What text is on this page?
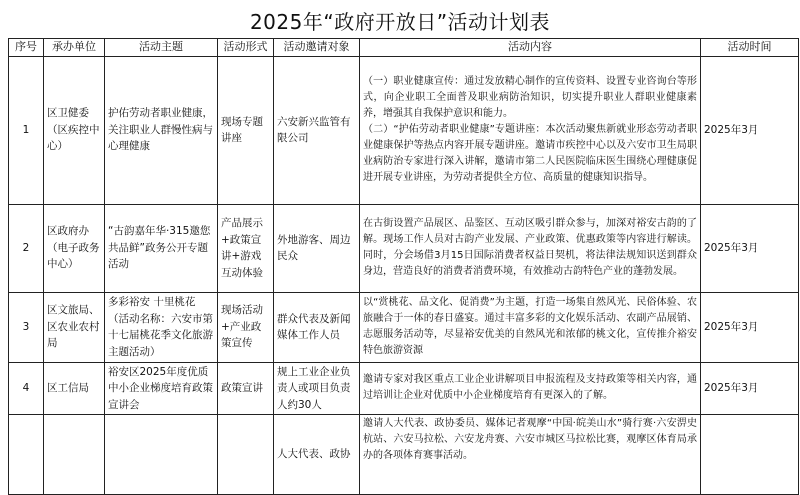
2025年“政府开放日”活动计划表
序号	承办单位	活动主题	活动形式	活动邀请对象	活动内容	活动时间
1	区卫健委（区疾控中心）	护佑劳动者职业健康，关注职业人群慢性病与心理健康	现场专题讲座	六安新兴监管有限公司	（一）职业健康宣传：通过发放精心制作的宣传资料、设置专业咨询台等形式，向企业职工全面普及职业病防治知识，切实提升职业人群职业健康素养，增强其自我保护意识和能力。
（二）“护佑劳动者职业健康”专题讲座：本次活动聚焦新就业形态劳动者职业健康保护等热点内容开展专题讲座。邀请市疾控中心以及六安市卫生局职业病防治专家进行深入讲解，邀请市第二人民医院临床医生围绕心理健康促进开展专业讲座，为劳动者提供全方位、高质量的健康知识指导。	2025年3月
2	区政府办（电子政务中心）	“古韵嘉年华·315邀您共品鲜”政务公开专题活动	产品展示+政策宣讲+游戏互动体验	外地游客、周边民众	在古街设置产品展区、品鉴区、互动区吸引群众参与，加深对裕安古韵的了解。现场工作人员对古韵产业发展、产业政策、优惠政策等内容进行解读。同时，分会场借3月15日国际消费者权益日契机，将法律法规知识送到群众身边，营造良好的消费者消费环境，有效推动古韵特色产业的蓬勃发展。	2025年3月
3	区文旅局、区农业农村局	多彩裕安 十里桃花（活动名称：六安市第十七届桃花季文化旅游主题活动）	现场活动+产业政策宣传	群众代表及新闻媒体工作人员	以“赏桃花、品文化、促消费”为主题，打造一场集自然风光、民俗体验、农旅融合于一体的春日盛宴。通过丰富多彩的文化娱乐活动、农副产品展销、志愿服务活动等，尽显裕安优美的自然风光和浓郁的桃文化，宣传推介裕安特色旅游资源	2025年3月
4	区工信局	裕安区2025年度优质中小企业梯度培育政策宣讲会	政策宣讲	规上工业企业负责人或项目负责人约30人	邀请专家对我区重点工业企业讲解项目申报流程及支持政策等相关内容，通过培训让企业对优质中小企业梯度培育有更深入的了解。	2025年3月
				人大代表、政协	邀请人大代表、政协委员、媒体记者观摩“中国·皖美山水”骑行赛·六安淠史杭站、六安马拉松、六安龙舟赛、六安市城区马拉松比赛，观摩区体育局承办的各项体育赛事活动。	
